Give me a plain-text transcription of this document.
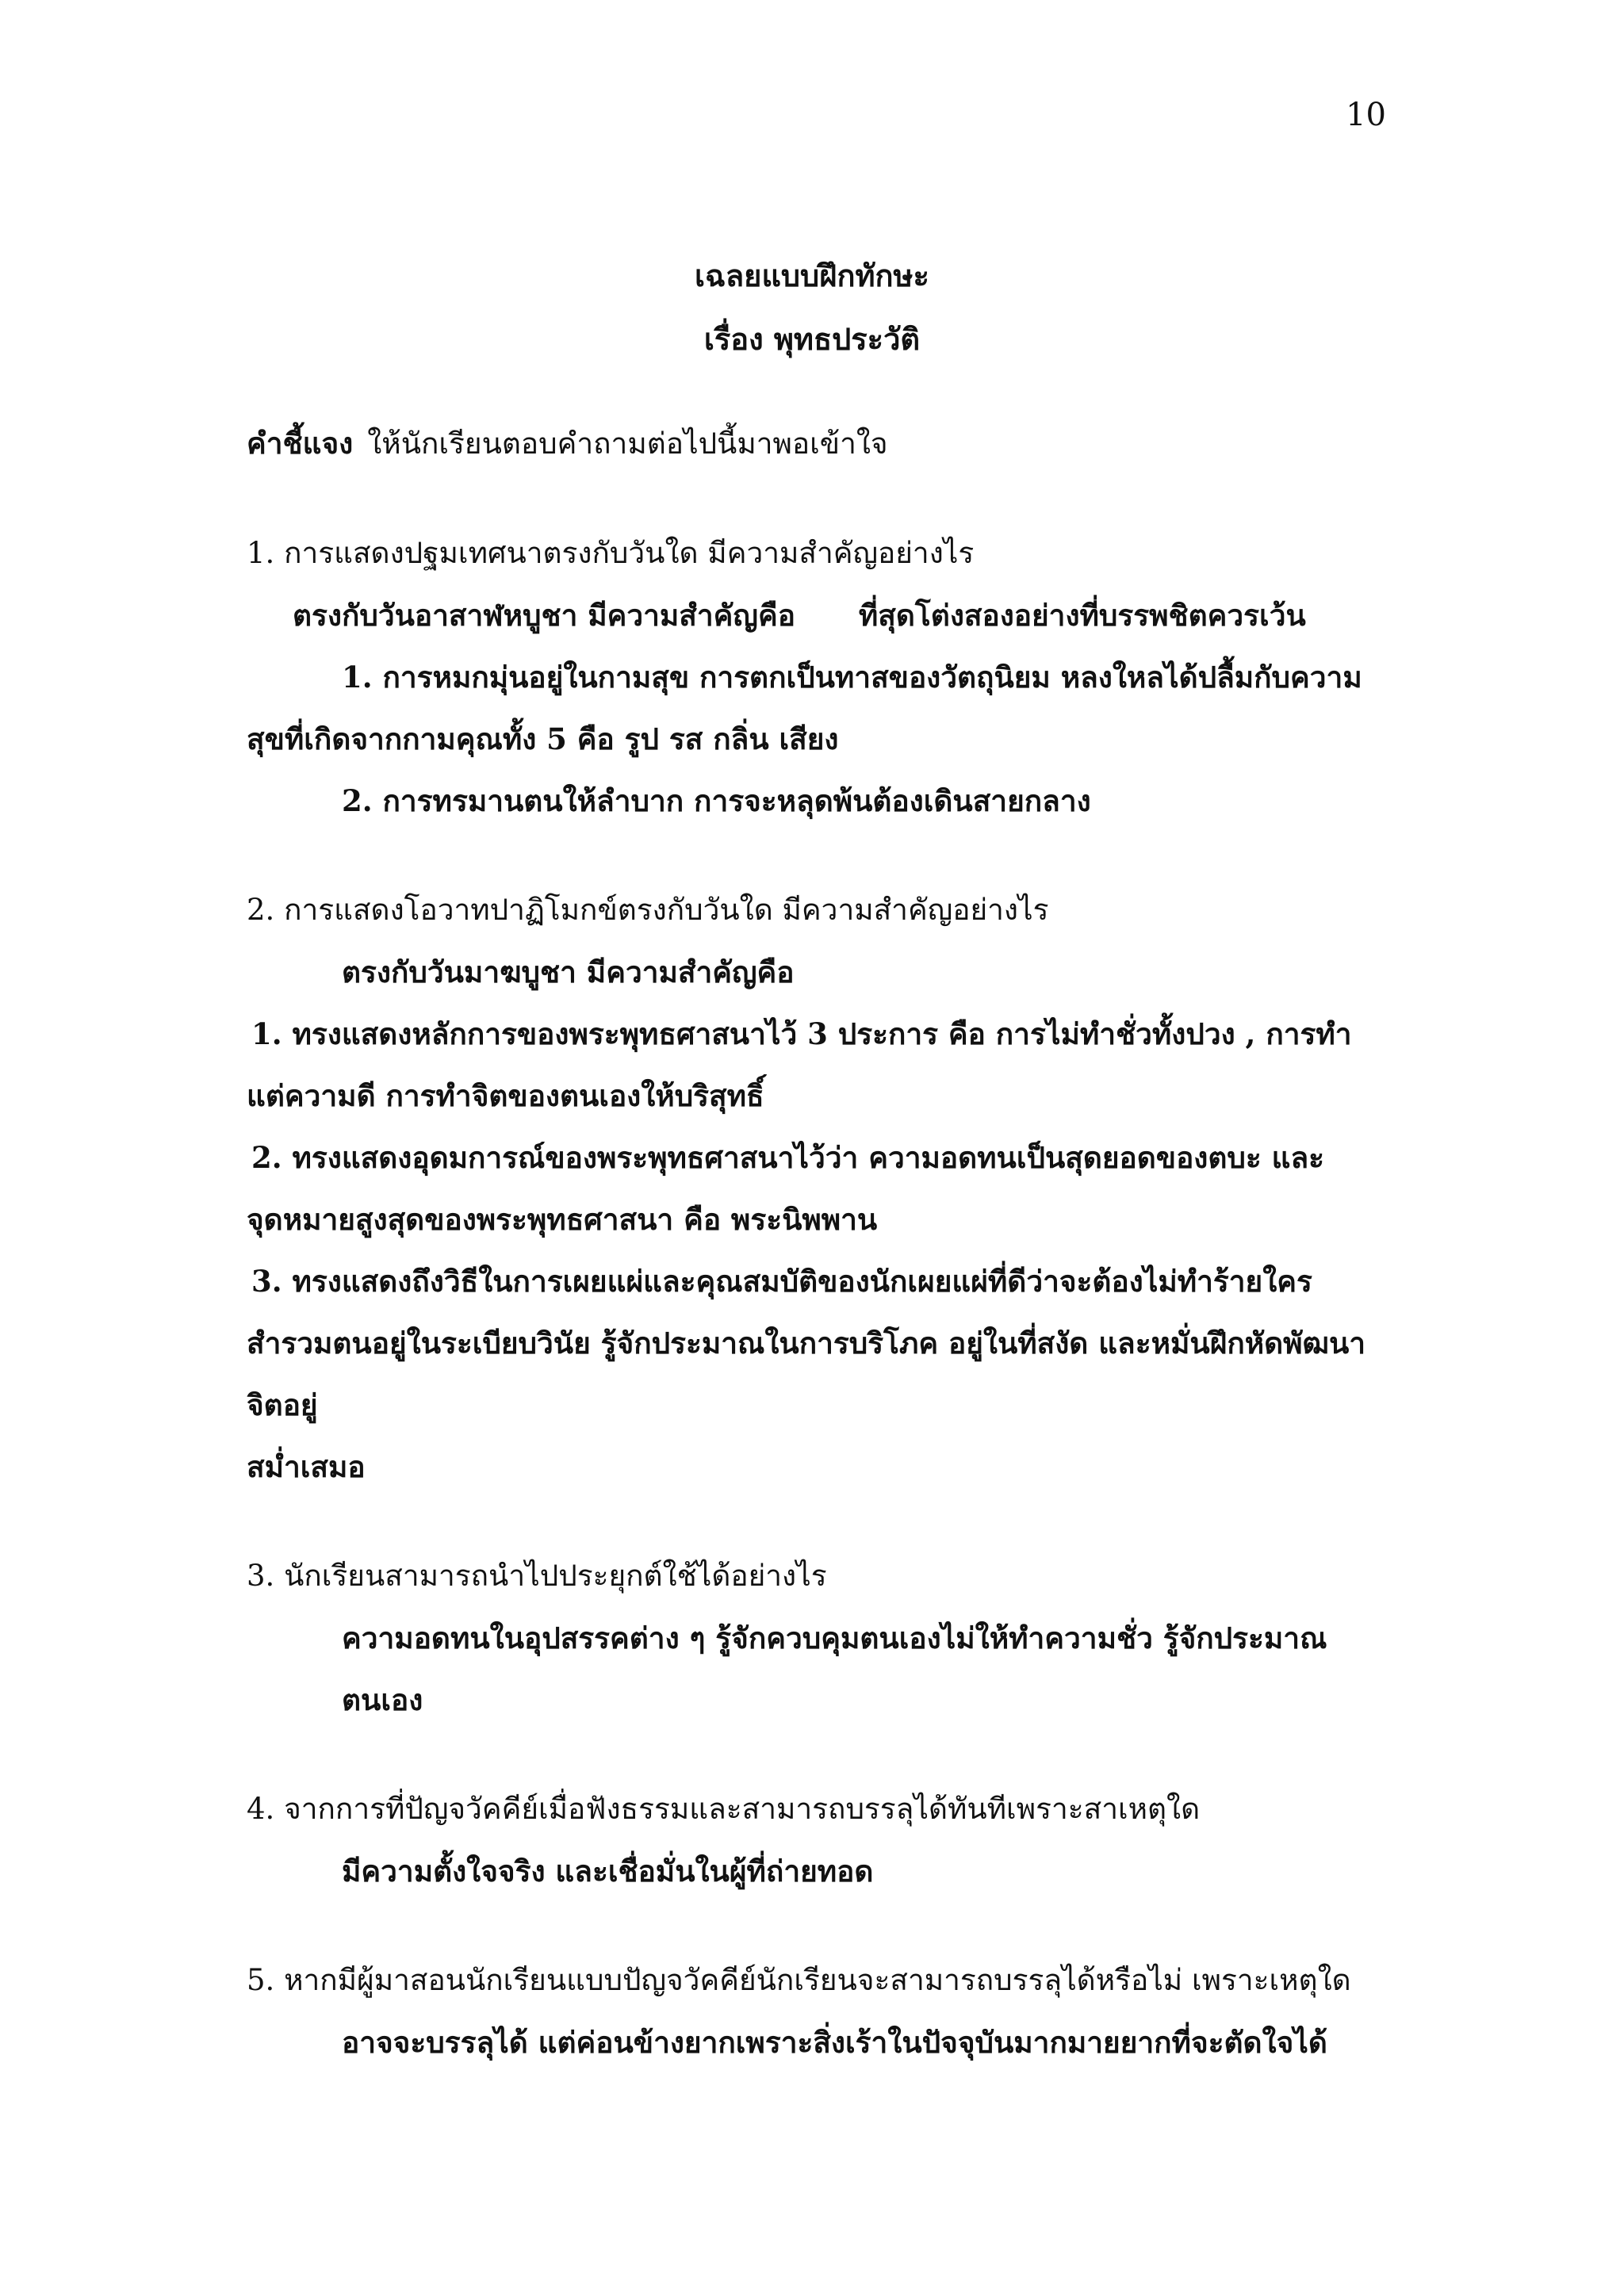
10
เฉลยแบบฝึกทักษะ
เรื่อง พุทธประวัติ
คำชี้แจง ให้นักเรียนตอบคำถามต่อไปนี้มาพอเข้าใจ
1. การแสดงปฐมเทศนาตรงกับวันใด มีความสำคัญอย่างไร
ตรงกับวันอาสาฬหบูชา มีความสำคัญคือ ที่สุดโต่งสองอย่างที่บรรพชิตควรเว้น
1. การหมกมุ่นอยู่ในกามสุข การตกเป็นทาสของวัตถุนิยม หลงใหลได้ปลื้มกับความสุขที่เกิดจากกามคุณทั้ง 5 คือ รูป รส กลิ่น เสียง
2. การทรมานตนให้ลำบาก การจะหลุดพ้นต้องเดินสายกลาง
2. การแสดงโอวาทปาฏิโมกข์ตรงกับวันใด มีความสำคัญอย่างไร
ตรงกับวันมาฆบูชา มีความสำคัญคือ
1. ทรงแสดงหลักการของพระพุทธศาสนาไว้ 3 ประการ คือ การไม่ทำชั่วทั้งปวง , การทำ
แต่ความดี การทำจิตของตนเองให้บริสุทธิ์
2. ทรงแสดงอุดมการณ์ของพระพุทธศาสนาไว้ว่า ความอดทนเป็นสุดยอดของตบะ และ
จุดหมายสูงสุดของพระพุทธศาสนา คือ พระนิพพาน
3. ทรงแสดงถึงวิธีในการเผยแผ่และคุณสมบัติของนักเผยแผ่ที่ดีว่าจะต้องไม่ทำร้ายใคร
สำรวมตนอยู่ในระเบียบวินัย รู้จักประมาณในการบริโภค อยู่ในที่สงัด และหมั่นฝึกหัดพัฒนาจิตอยู่
สม่ำเสมอ
3. นักเรียนสามารถนำไปประยุกต์ใช้ได้อย่างไร
ความอดทนในอุปสรรคต่าง ๆ รู้จักควบคุมตนเองไม่ให้ทำความชั่ว รู้จักประมาณตนเอง
4. จากการที่ปัญจวัคคีย์เมื่อฟังธรรมและสามารถบรรลุได้ทันทีเพราะสาเหตุใด
มีความตั้งใจจริง และเชื่อมั่นในผู้ที่ถ่ายทอด
5. หากมีผู้มาสอนนักเรียนแบบปัญจวัคคีย์นักเรียนจะสามารถบรรลุได้หรือไม่ เพราะเหตุใด
อาจจะบรรลุได้ แต่ค่อนข้างยากเพราะสิ่งเร้าในปัจจุบันมากมายยากที่จะตัดใจได้
